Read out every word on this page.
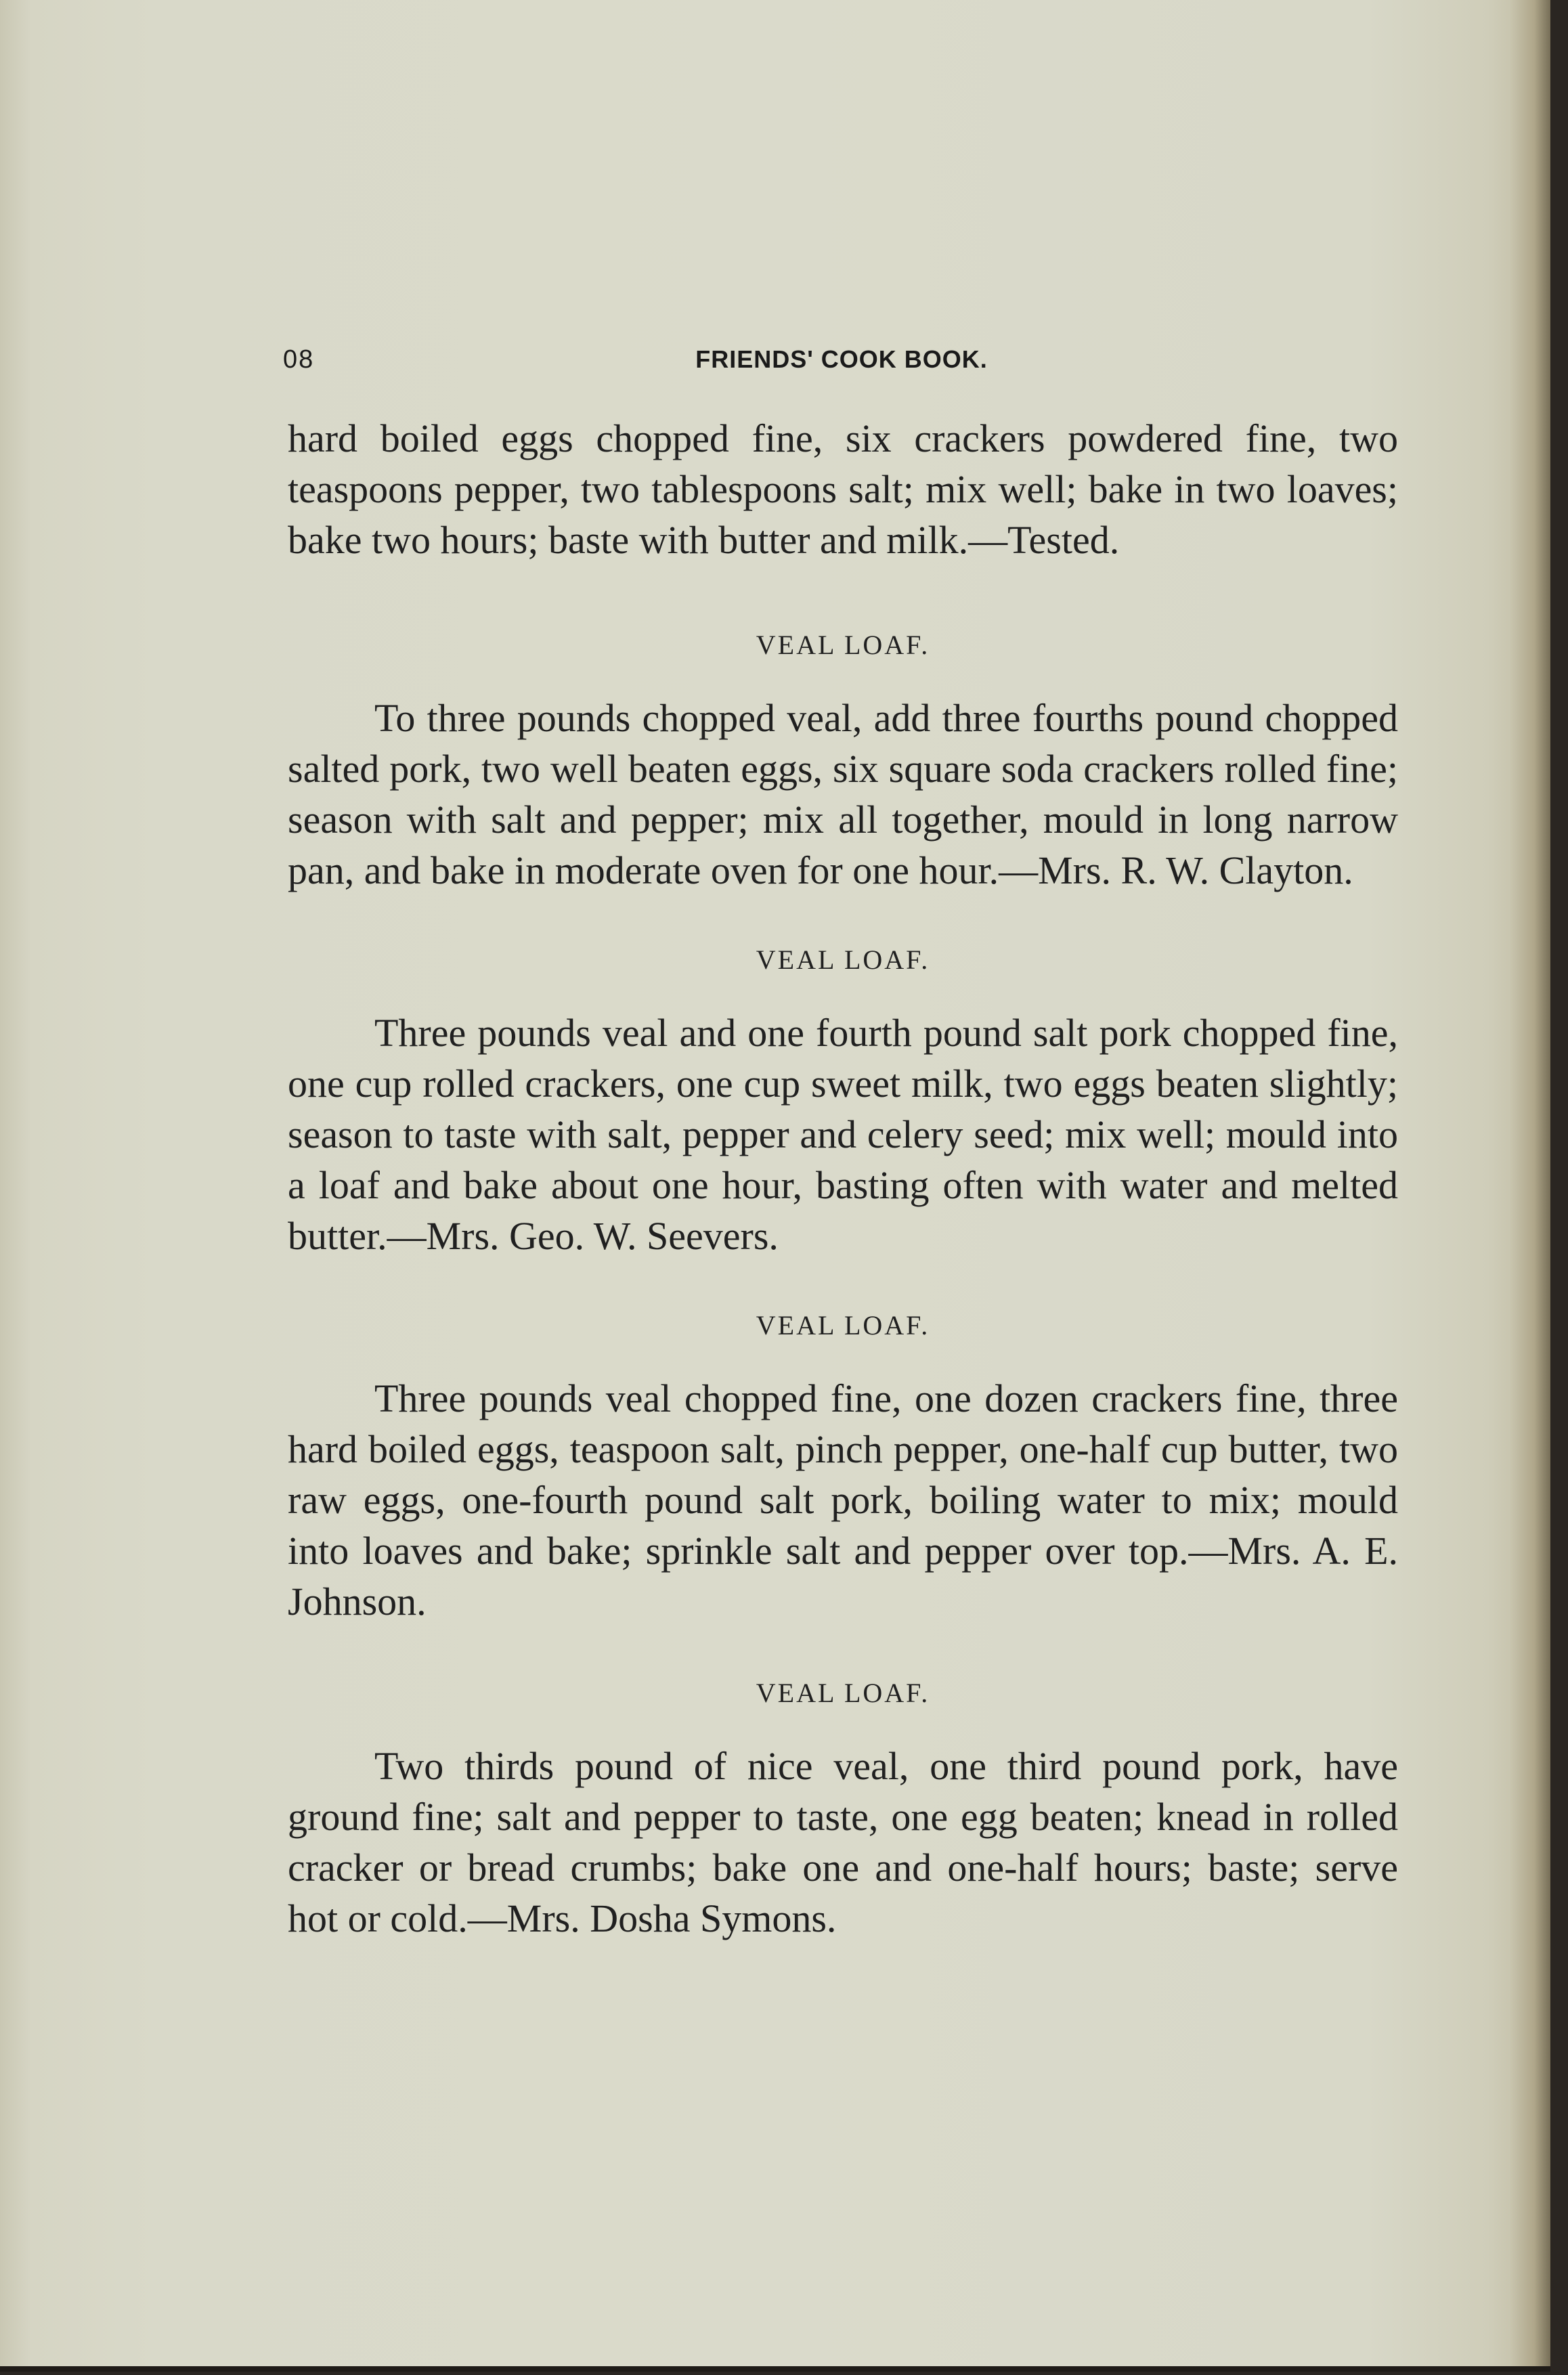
08	FRIENDS' COOK BOOK.

hard boiled eggs chopped fine, six crackers powdered fine, two teaspoons pepper, two tablespoons salt; mix well; bake in two loaves; bake two hours; baste with butter and milk.—Tested.

VEAL LOAF.

To three pounds chopped veal, add three fourths pound chopped salted pork, two well beaten eggs, six square soda crackers rolled fine; season with salt and pepper; mix all together, mould in long narrow pan, and bake in moderate oven for one hour.—Mrs. R. W. Clayton.

VEAL LOAF.

Three pounds veal and one fourth pound salt pork chopped fine, one cup rolled crackers, one cup sweet milk, two eggs beaten slightly; season to taste with salt, pepper and celery seed; mix well; mould into a loaf and bake about one hour, basting often with water and melted butter.—Mrs. Geo. W. Seevers.

VEAL LOAF.

Three pounds veal chopped fine, one dozen crackers fine, three hard boiled eggs, teaspoon salt, pinch pepper, one-half cup butter, two raw eggs, one-fourth pound salt pork, boiling water to mix; mould into loaves and bake; sprinkle salt and pepper over top.—Mrs. A. E. Johnson.

VEAL LOAF.

Two thirds pound of nice veal, one third pound pork, have ground fine; salt and pepper to taste, one egg beaten; knead in rolled cracker or bread crumbs; bake one and one-half hours; baste; serve hot or cold.—Mrs. Dosha Symons.
